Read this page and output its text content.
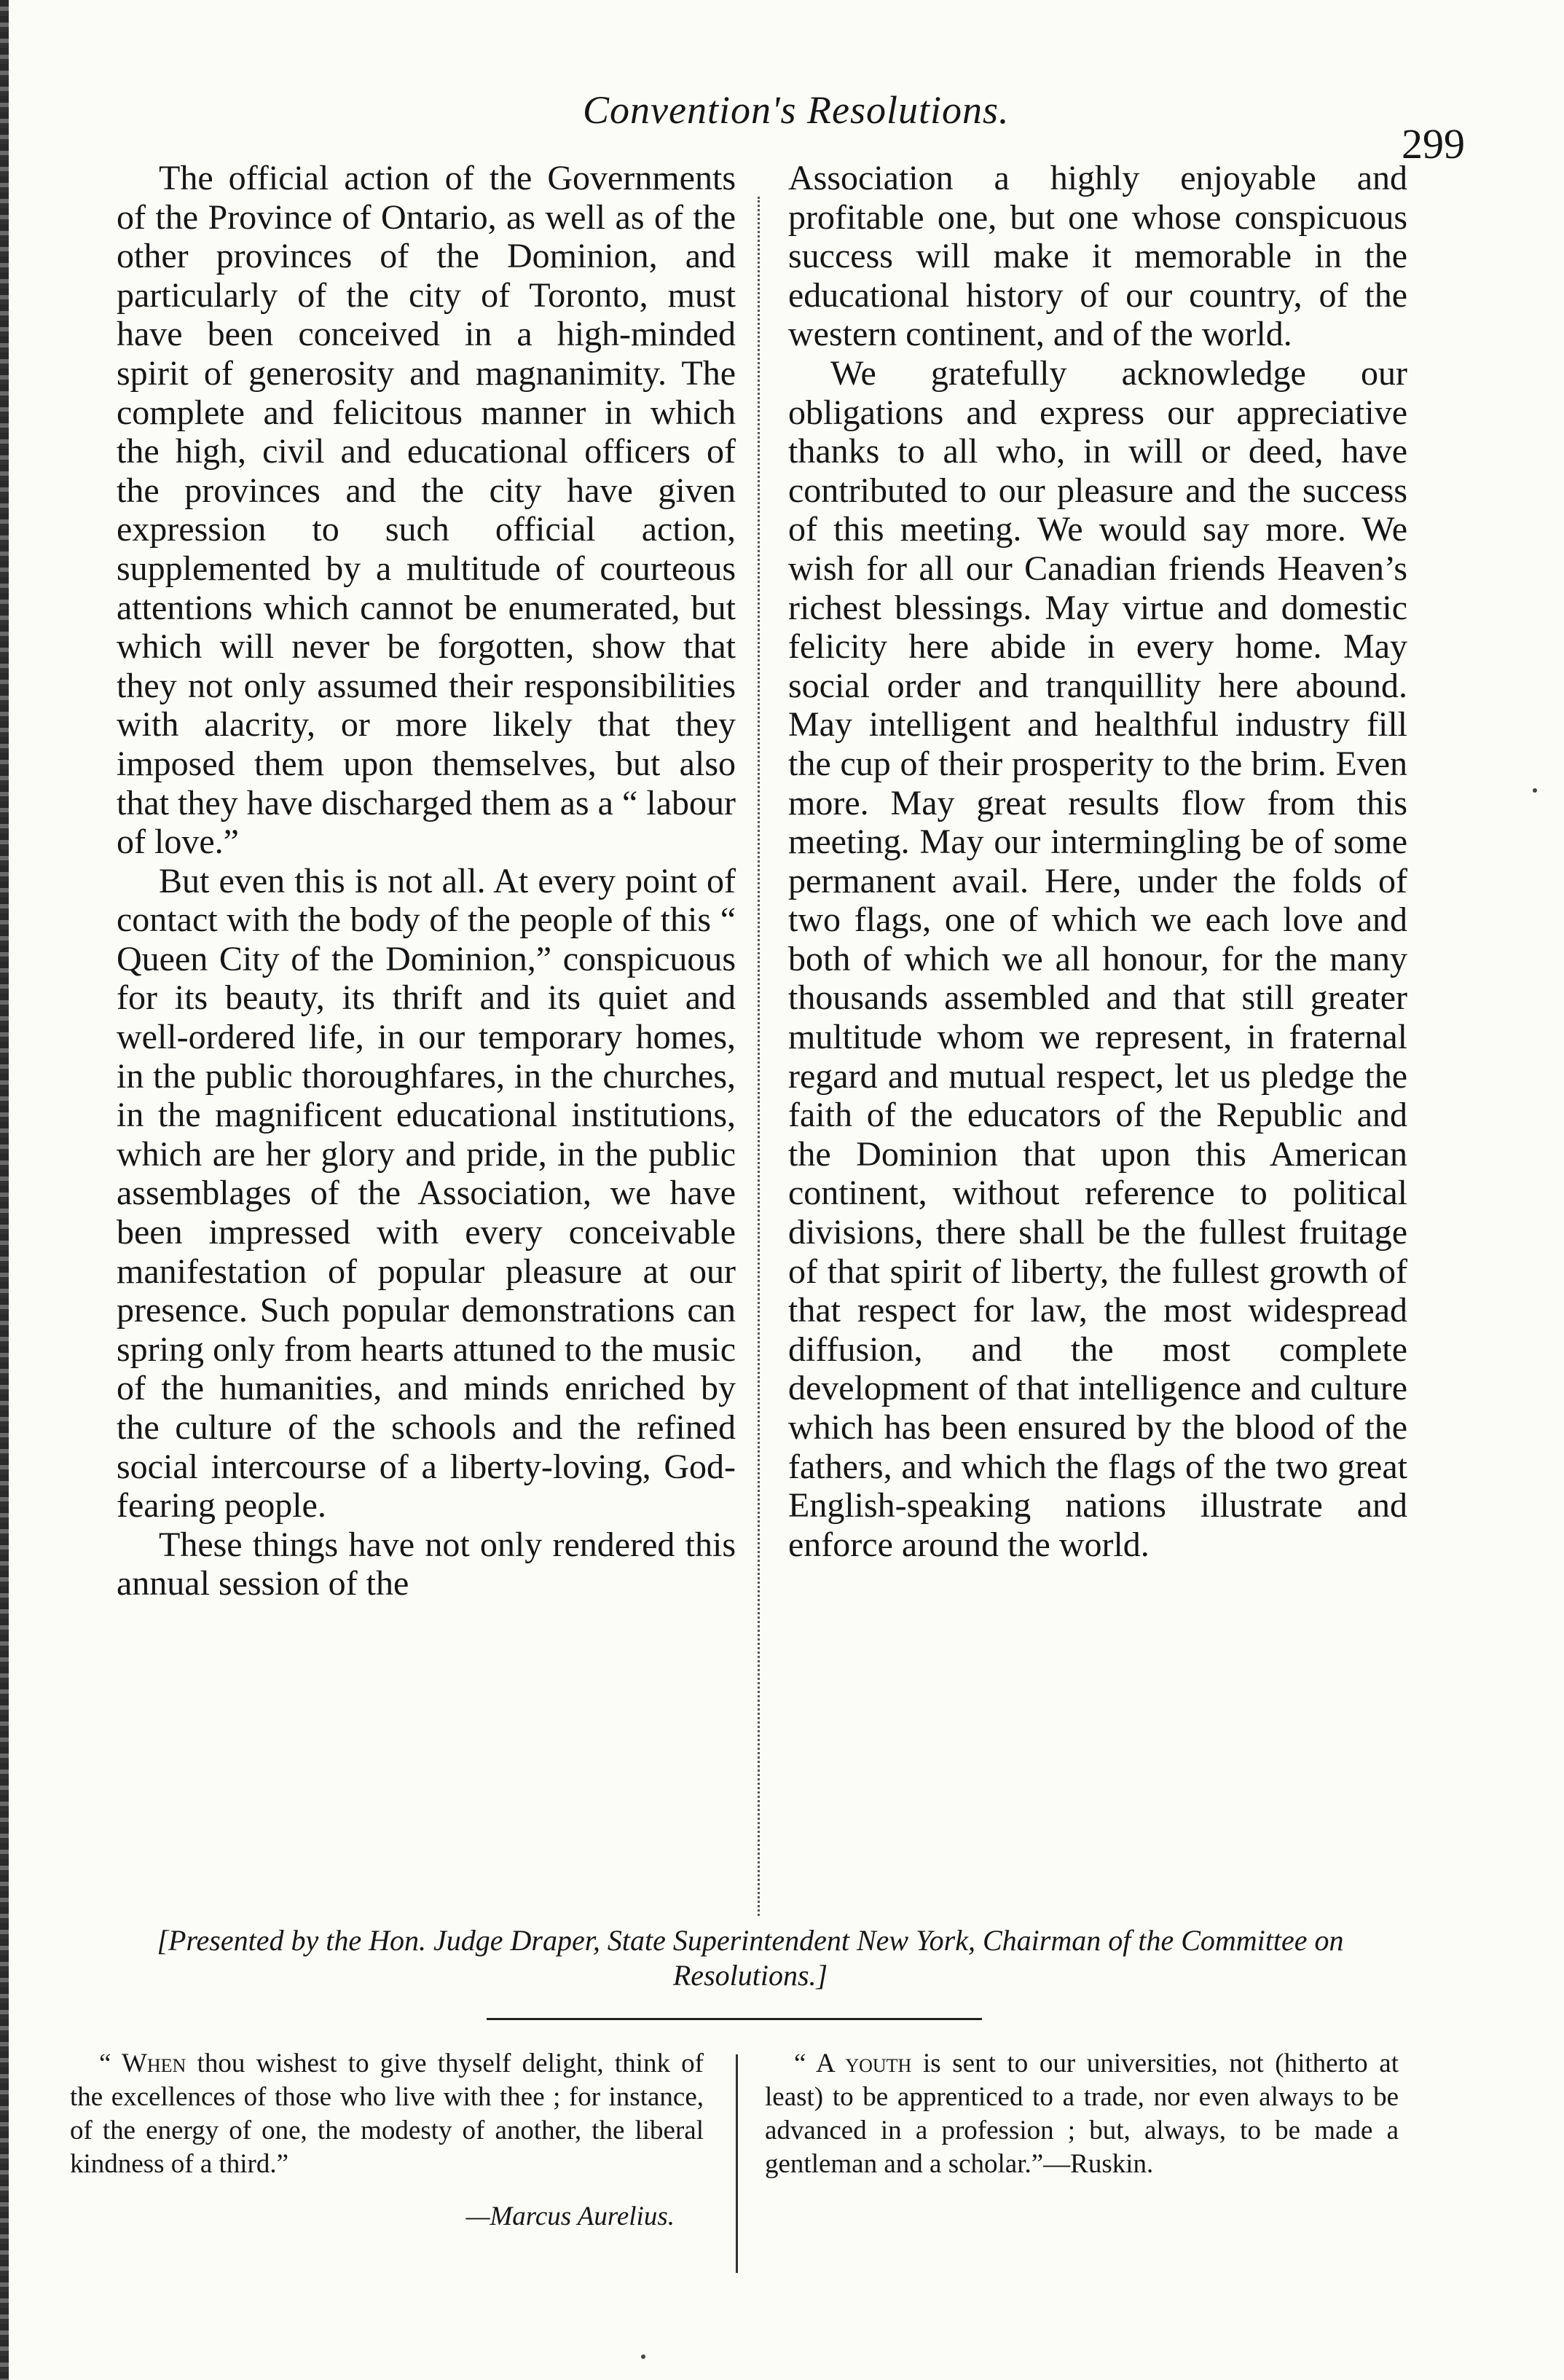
Convention's Resolutions.
299

The official action of the Governments of the Province of Ontario, as well as of the other provinces of the Dominion, and particularly of the city of Toronto, must have been conceived in a high-minded spirit of generosity and magnanimity. The complete and felicitous manner in which the high, civil and educational officers of the provinces and the city have given expression to such official action, supplemented by a multitude of courteous attentions which cannot be enumerated, but which will never be forgotten, show that they not only assumed their responsibilities with alacrity, or more likely that they imposed them upon themselves, but also that they have discharged them as a “ labour of love.”

But even this is not all. At every point of contact with the body of the people of this “ Queen City of the Dominion,” conspicuous for its beauty, its thrift and its quiet and well-ordered life, in our temporary homes, in the public thoroughfares, in the churches, in the magnificent educational institutions, which are her glory and pride, in the public assemblages of the Association, we have been impressed with every conceivable manifestation of popular pleasure at our presence. Such popular demonstrations can spring only from hearts attuned to the music of the humanities, and minds enriched by the culture of the schools and the refined social intercourse of a liberty-loving, God-fearing people.

These things have not only rendered this annual session of the

Association a highly enjoyable and profitable one, but one whose conspicuous success will make it memorable in the educational history of our country, of the western continent, and of the world.

We gratefully acknowledge our obligations and express our appreciative thanks to all who, in will or deed, have contributed to our pleasure and the success of this meeting. We would say more. We wish for all our Canadian friends Heaven’s richest blessings. May virtue and domestic felicity here abide in every home. May social order and tranquillity here abound. May intelligent and healthful industry fill the cup of their prosperity to the brim. Even more. May great results flow from this meeting. May our intermingling be of some permanent avail. Here, under the folds of two flags, one of which we each love and both of which we all honour, for the many thousands assembled and that still greater multitude whom we represent, in fraternal regard and mutual respect, let us pledge the faith of the educators of the Republic and the Dominion that upon this American continent, without reference to political divisions, there shall be the fullest fruitage of that spirit of liberty, the fullest growth of that respect for law, the most widespread diffusion, and the most complete development of that intelligence and culture which has been ensured by the blood of the fathers, and which the flags of the two great English-speaking nations illustrate and enforce around the world.

[Presented by the Hon. Judge Draper, State Superintendent New York, Chairman of the Committee on Resolutions.]

“ When thou wishest to give thyself delight, think of the excellences of those who live with thee ; for instance, of the energy of one, the modesty of another, the liberal kindness of a third.”

—Marcus Aurelius.

“ A youth is sent to our universities, not (hitherto at least) to be apprenticed to a trade, nor even always to be advanced in a profession ; but, always, to be made a gentleman and a scholar.”—Ruskin.
